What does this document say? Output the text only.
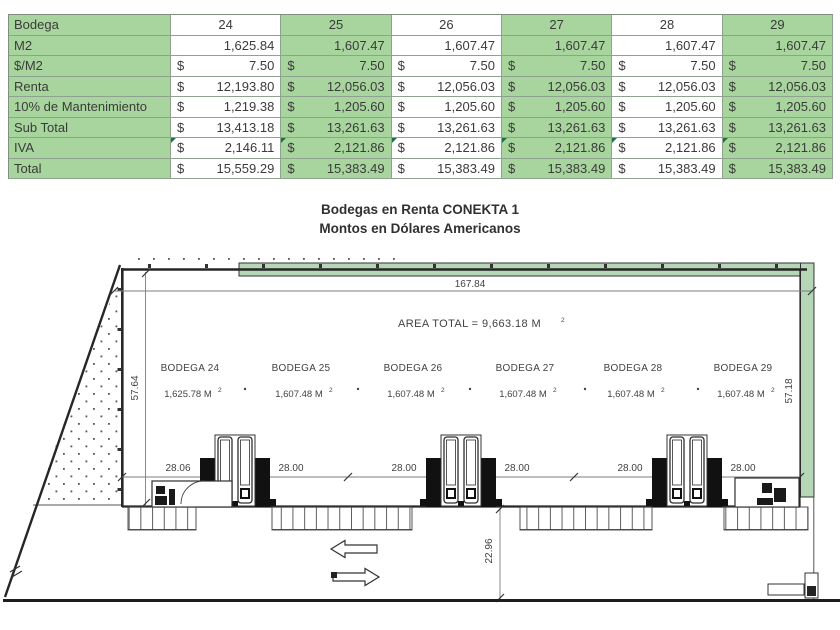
167.84
57.64	57.18
22.96
AREA TOTAL = 9,663.18 M	2
BODEGA 24	BODEGA 25	BODEGA 26	BODEGA 27	BODEGA 28	BODEGA 29
1,625.78 M	1,607.48 M	1,607.48 M	1,607.48 M	1,607.48 M	1,607.48 M
2	2	2	2	2	2
28.06	28.00	28.00	28.00	28.00	28.00
Bodega	24	25	26	27	28	29
M2	1,625.84	1,607.47	1,607.47	1,607.47	1,607.47	1,607.47
$/M2	$	7.50 $	7.50 $	7.50 $	7.50 $	7.50 $	7.50
Renta	$ 12,193.80 $ 12,056.03 $ 12,056.03 $ 12,056.03 $ 12,056.03 $ 12,056.03
10% de Mantenimiento	$	1,219.38 $	1,205.60 $	1,205.60 $	1,205.60 $	1,205.60 $	1,205.60
Sub Total	$ 13,413.18 $ 13,261.63 $ 13,261.63 $ 13,261.63 $ 13,261.63 $ 13,261.63
IVA	$	2,146.11 $	2,121.86 $	2,121.86 $	2,121.86 $	2,121.86 $	2,121.86
Total	$ 15,559.29 $ 15,383.49 $ 15,383.49 $ 15,383.49 $ 15,383.49 $ 15,383.49
Bodegas en Renta CONEKTA 1
Montos en Dólares Americanos
